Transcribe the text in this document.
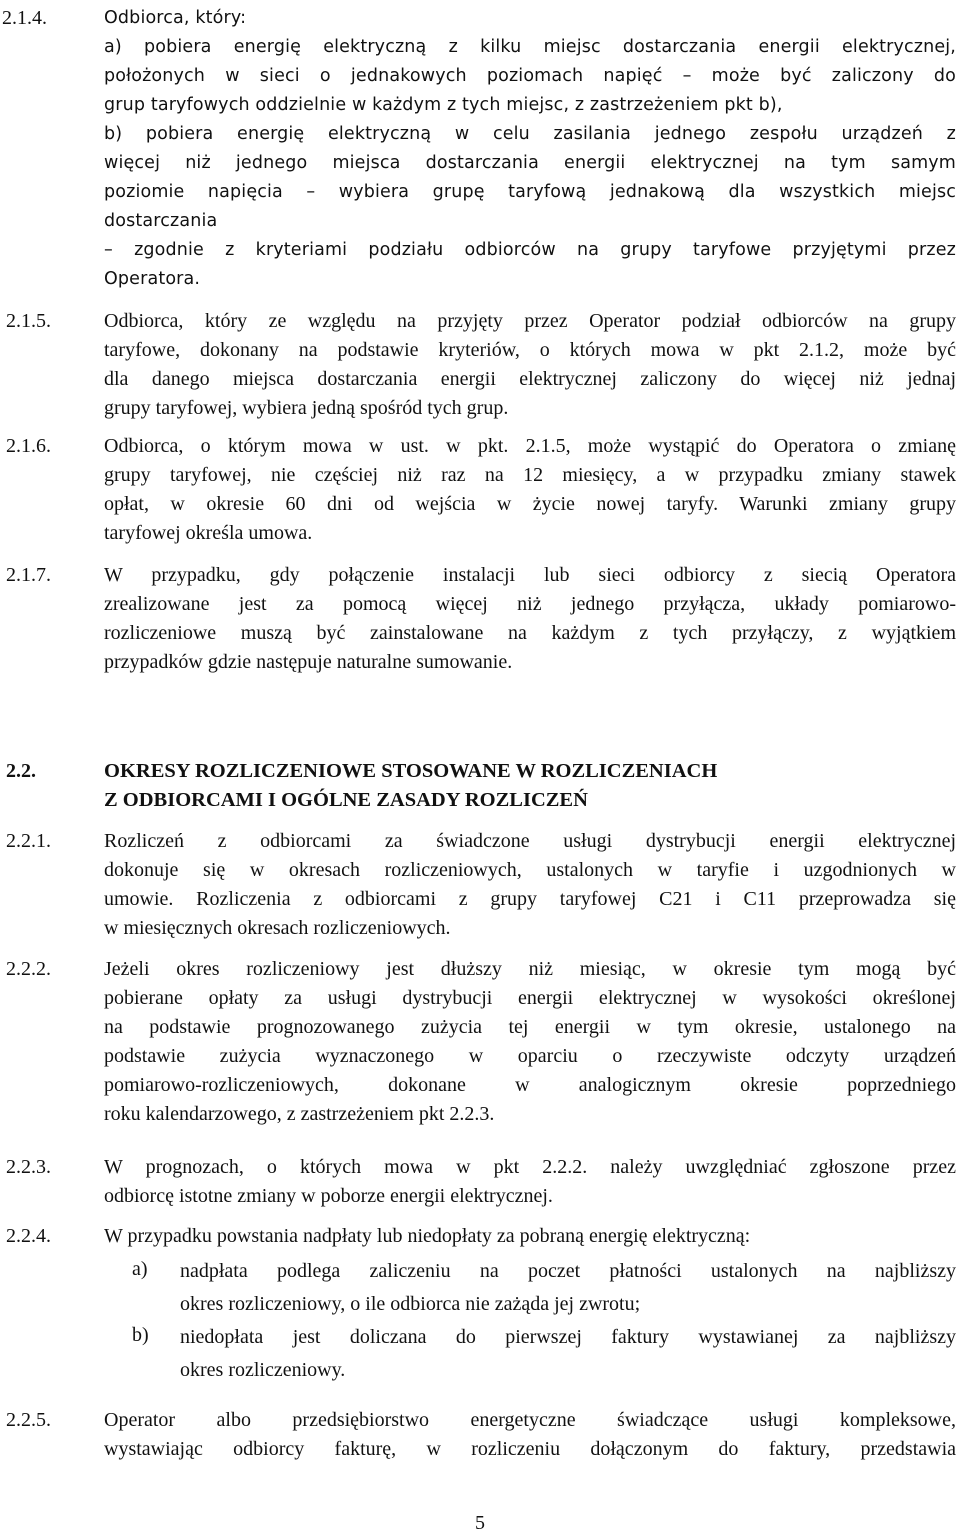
2.1.4.	Odbiorca, który:
a) pobiera energię elektryczną z kilku miejsc dostarczania energii elektrycznej,
położonych w sieci o jednakowych poziomach napięć – może być zaliczony do
grup taryfowych oddzielnie w każdym z tych miejsc, z zastrzeżeniem pkt b),
b) pobiera energię elektryczną w celu zasilania jednego zespołu urządzeń z
więcej niż jednego miejsca dostarczania energii elektrycznej na tym samym
poziomie napięcia – wybiera grupę taryfową jednakową dla wszystkich miejsc
dostarczania
– zgodnie z kryteriami podziału odbiorców na grupy taryfowe przyjętymi przez
Operatora.
2.1.5.	Odbiorca, który ze względu na przyjęty przez Operator podział odbiorców na grupy
taryfowe, dokonany na podstawie kryteriów, o których mowa w pkt 2.1.2, może być
dla danego miejsca dostarczania energii elektrycznej zaliczony do więcej niż jednaj
grupy taryfowej, wybiera jedną spośród tych grup.
2.1.6.	Odbiorca, o którym mowa w ust. w pkt. 2.1.5, może wystąpić do Operatora o zmianę
grupy taryfowej, nie częściej niż raz na 12 miesięcy, a w przypadku zmiany stawek
opłat, w okresie 60 dni od wejścia w życie nowej taryfy. Warunki zmiany grupy
taryfowej określa umowa.
2.1.7.	W przypadku, gdy połączenie instalacji lub sieci odbiorcy z siecią Operatora
zrealizowane jest za pomocą więcej niż jednego przyłącza, układy pomiarowo-
rozliczeniowe muszą być zainstalowane na każdym z tych przyłączy, z wyjątkiem
przypadków gdzie następuje naturalne sumowanie.
2.2.	OKRESY ROZLICZENIOWE STOSOWANE W ROZLICZENIACH
Z ODBIORCAMI I OGÓLNE ZASADY ROZLICZEŃ
2.2.1.	Rozliczeń z odbiorcami za świadczone usługi dystrybucji energii elektrycznej
dokonuje się w okresach rozliczeniowych, ustalonych w taryfie i uzgodnionych w
umowie. Rozliczenia z odbiorcami z grupy taryfowej C21 i C11 przeprowadza się
w miesięcznych okresach rozliczeniowych.
2.2.2.	Jeżeli okres rozliczeniowy jest dłuższy niż miesiąc, w okresie tym mogą być
pobierane opłaty za usługi dystrybucji energii elektrycznej w wysokości określonej
na podstawie prognozowanego zużycia tej energii w tym okresie, ustalonego na
podstawie zużycia wyznaczonego w oparciu o rzeczywiste odczyty urządzeń
pomiarowo-rozliczeniowych, dokonane w analogicznym okresie poprzedniego
roku kalendarzowego, z zastrzeżeniem pkt 2.2.3.
2.2.3.	W prognozach, o których mowa w pkt 2.2.2. należy uwzględniać zgłoszone przez
odbiorcę istotne zmiany w poborze energii elektrycznej.
2.2.4.	W przypadku powstania nadpłaty lub niedopłaty za pobraną energię elektryczną:
a) nadpłata podlega zaliczeniu na poczet płatności ustalonych na najbliższy
okres rozliczeniowy, o ile odbiorca nie zażąda jej zwrotu;
b) niedopłata jest doliczana do pierwszej faktury wystawianej za najbliższy
okres rozliczeniowy.
2.2.5.	Operator albo przedsiębiorstwo energetyczne świadczące usługi kompleksowe,
wystawiając odbiorcy fakturę, w rozliczeniu dołączonym do faktury, przedstawia
5
